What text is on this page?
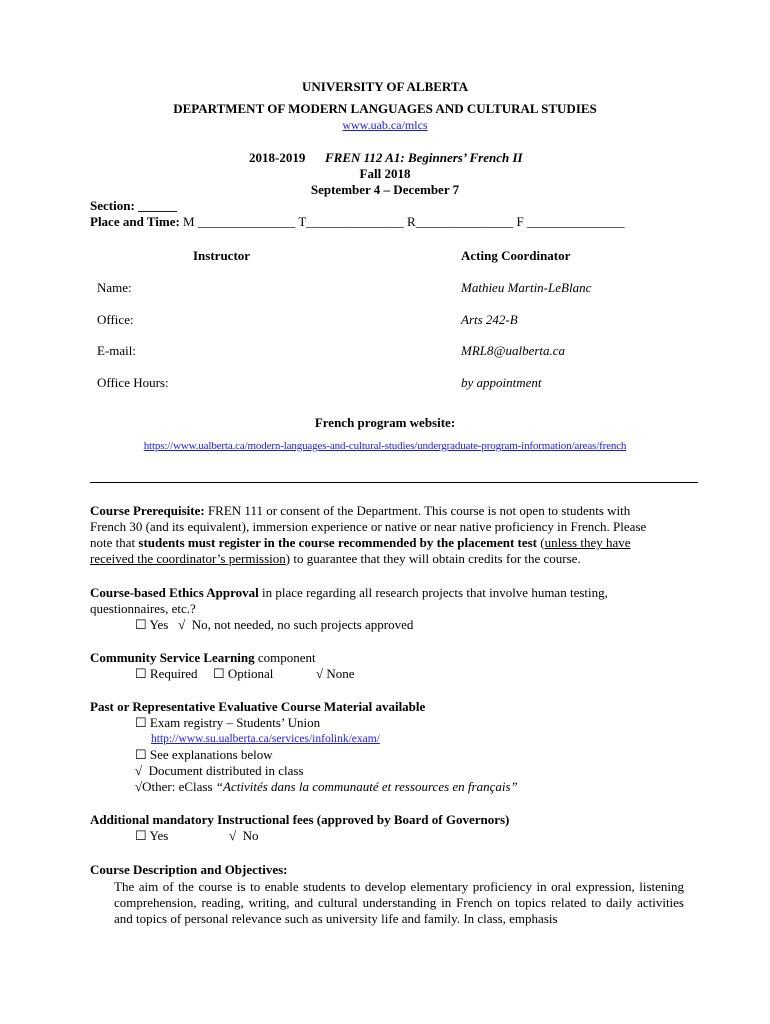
UNIVERSITY OF ALBERTA
DEPARTMENT OF MODERN LANGUAGES AND CULTURAL STUDIES
www.uab.ca/mlcs
2018-2019 FREN 112 A1: Beginners’ French II
Fall 2018
September 4 – December 7
Section: ______
Place and Time: M _______________ T_______________ R_______________ F _______________
Instructor	Acting Coordinator
Name:	Mathieu Martin-LeBlanc
Office:	Arts 242-B
E-mail:	MRL8@ualberta.ca
Office Hours:	by appointment
French program website:
https://www.ualberta.ca/modern-languages-and-cultural-studies/undergraduate-program-information/areas/french
Course Prerequisite: FREN 111 or consent of the Department. This course is not open to students with
French 30 (and its equivalent), immersion experience or native or near native proficiency in French. Please
note that students must register in the course recommended by the placement test (unless they have
received the coordinator’s permission) to guarantee that they will obtain credits for the course.
Course-based Ethics Approval in place regarding all research projects that involve human testing,
questionnaires, etc.?
☐ Yes √ No, not needed, no such projects approved
Community Service Learning component
☐ Required ☐ Optional	√ None
Past or Representative Evaluative Course Material available
☐ Exam registry – Students’ Union
http://www.su.ualberta.ca/services/infolink/exam/
☐ See explanations below
√ Document distributed in class
√Other: eClass “Activités dans la communauté et ressources en français”
Additional mandatory Instructional fees (approved by Board of Governors)
☐ Yes	√ No
Course Description and Objectives:
The aim of the course is to enable students to develop elementary proficiency in oral expression, listening comprehension, reading, writing, and cultural understanding in French on topics related to daily activities and topics of personal relevance such as university life and family. In class, emphasis
